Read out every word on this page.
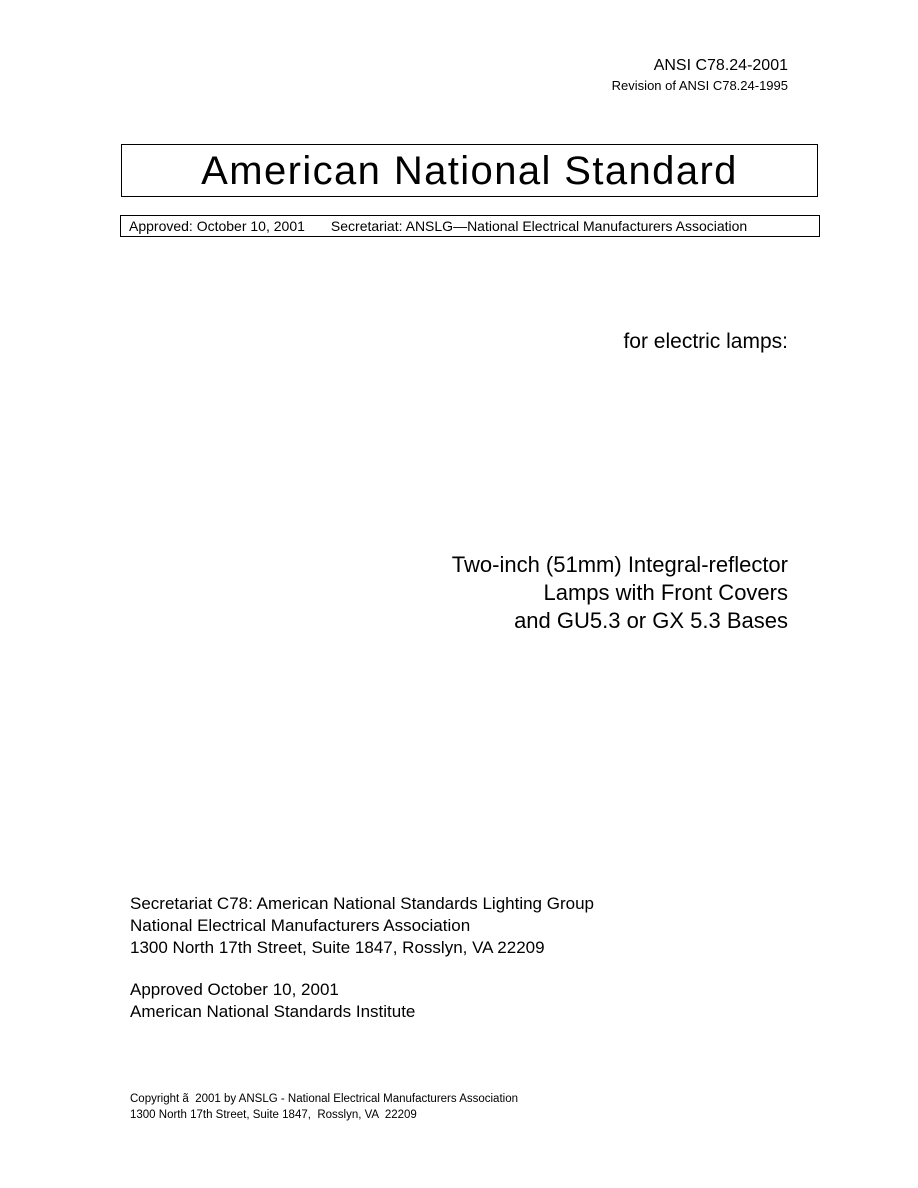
ANSI C78.24-2001
Revision of ANSI C78.24-1995
American National Standard
Approved: October 10, 2001 Secretariat: ANSLG—National Electrical Manufacturers Association
for electric lamps:
Two-inch (51mm) Integral-reflector
Lamps with Front Covers
and GU5.3 or GX 5.3 Bases
Secretariat C78: American National Standards Lighting Group
National Electrical Manufacturers Association
1300 North 17th Street, Suite 1847, Rosslyn, VA 22209
Approved October 10, 2001
American National Standards Institute
Copyright ã  2001 by ANSLG - National Electrical Manufacturers Association
1300 North 17th Street, Suite 1847,  Rosslyn, VA  22209
